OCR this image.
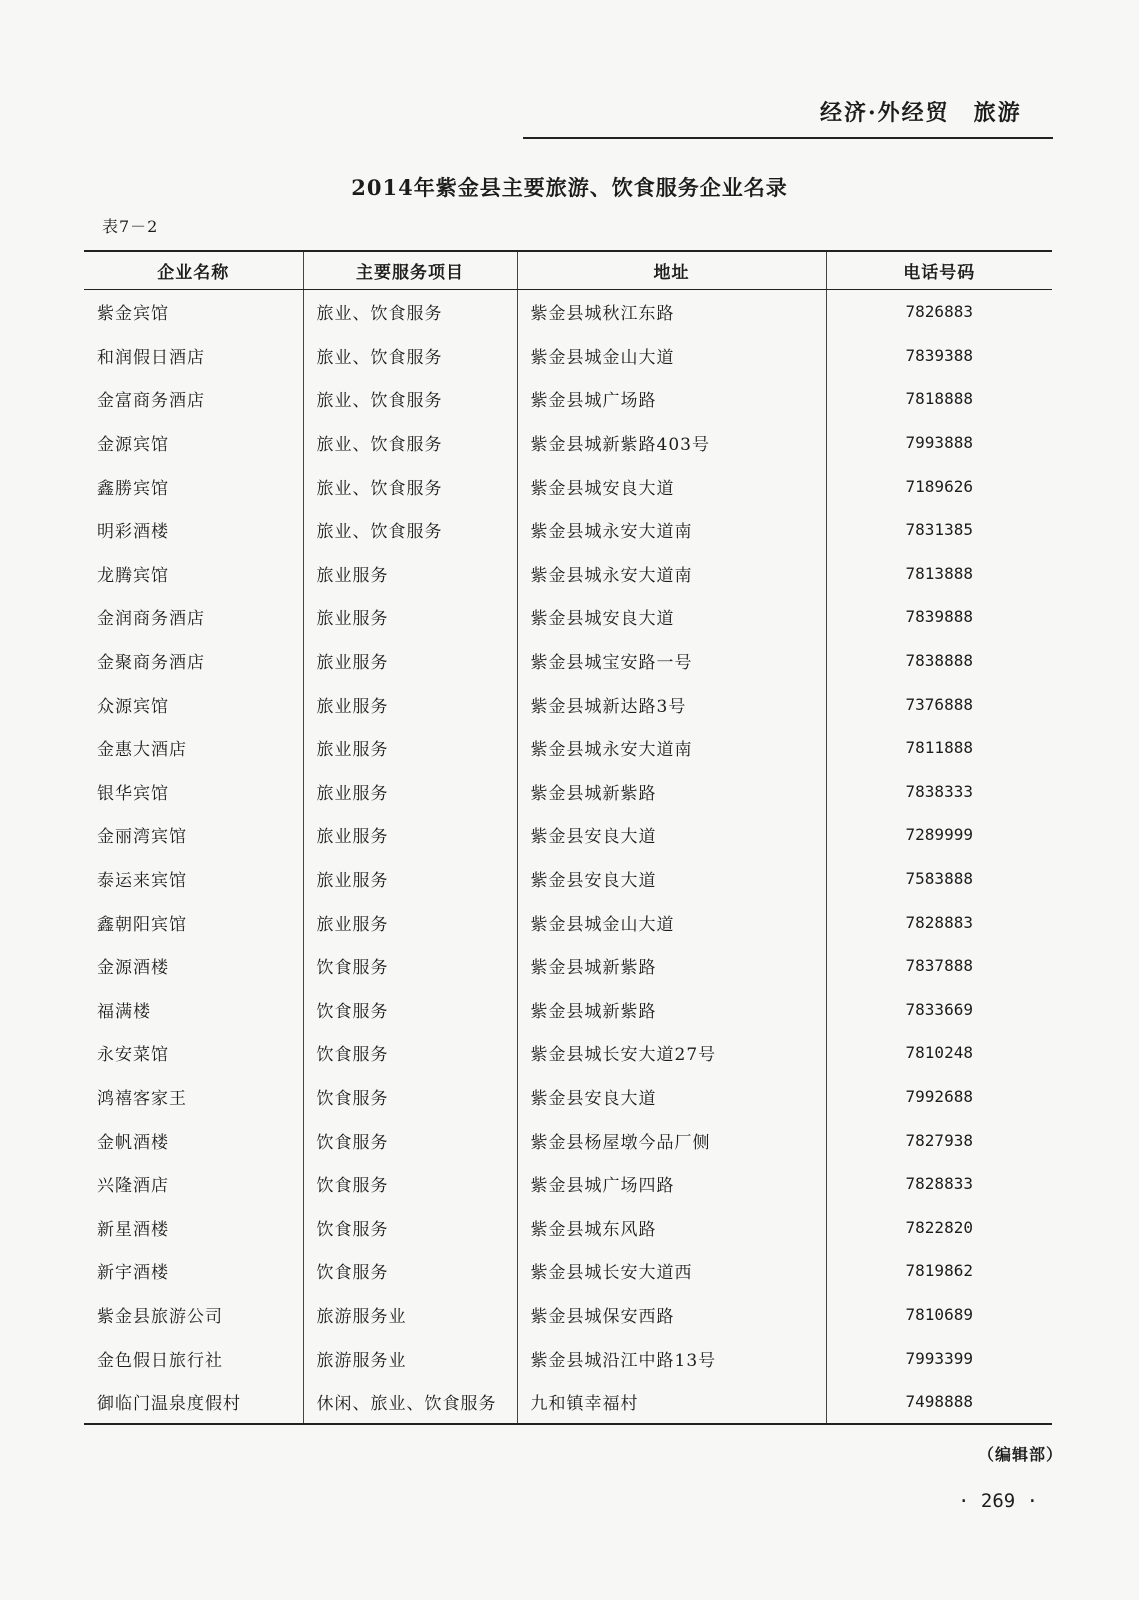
经济·外经贸　旅游
2014年紫金县主要旅游、饮食服务企业名录
表7－2
企业名称	主要服务项目	地址	电话号码
紫金宾馆	旅业、饮食服务	紫金县城秋江东路	7826883
和润假日酒店	旅业、饮食服务	紫金县城金山大道	7839388
金富商务酒店	旅业、饮食服务	紫金县城广场路	7818888
金源宾馆	旅业、饮食服务	紫金县城新紫路403号	7993888
鑫勝宾馆	旅业、饮食服务	紫金县城安良大道	7189626
明彩酒楼	旅业、饮食服务	紫金县城永安大道南	7831385
龙腾宾馆	旅业服务	紫金县城永安大道南	7813888
金润商务酒店	旅业服务	紫金县城安良大道	7839888
金聚商务酒店	旅业服务	紫金县城宝安路一号	7838888
众源宾馆	旅业服务	紫金县城新达路3号	7376888
金惠大酒店	旅业服务	紫金县城永安大道南	7811888
银华宾馆	旅业服务	紫金县城新紫路	7838333
金丽湾宾馆	旅业服务	紫金县安良大道	7289999
泰运来宾馆	旅业服务	紫金县安良大道	7583888
鑫朝阳宾馆	旅业服务	紫金县城金山大道	7828883
金源酒楼	饮食服务	紫金县城新紫路	7837888
福满楼	饮食服务	紫金县城新紫路	7833669
永安菜馆	饮食服务	紫金县城长安大道27号	7810248
鸿禧客家王	饮食服务	紫金县安良大道	7992688
金帆酒楼	饮食服务	紫金县杨屋墩今品厂侧	7827938
兴隆酒店	饮食服务	紫金县城广场四路	7828833
新星酒楼	饮食服务	紫金县城东风路	7822820
新宇酒楼	饮食服务	紫金县城长安大道西	7819862
紫金县旅游公司	旅游服务业	紫金县城保安西路	7810689
金色假日旅行社	旅游服务业	紫金县城沿江中路13号	7993399
御临门温泉度假村	休闲、旅业、饮食服务	九和镇幸福村	7498888
（编辑部）
· 269 ·
